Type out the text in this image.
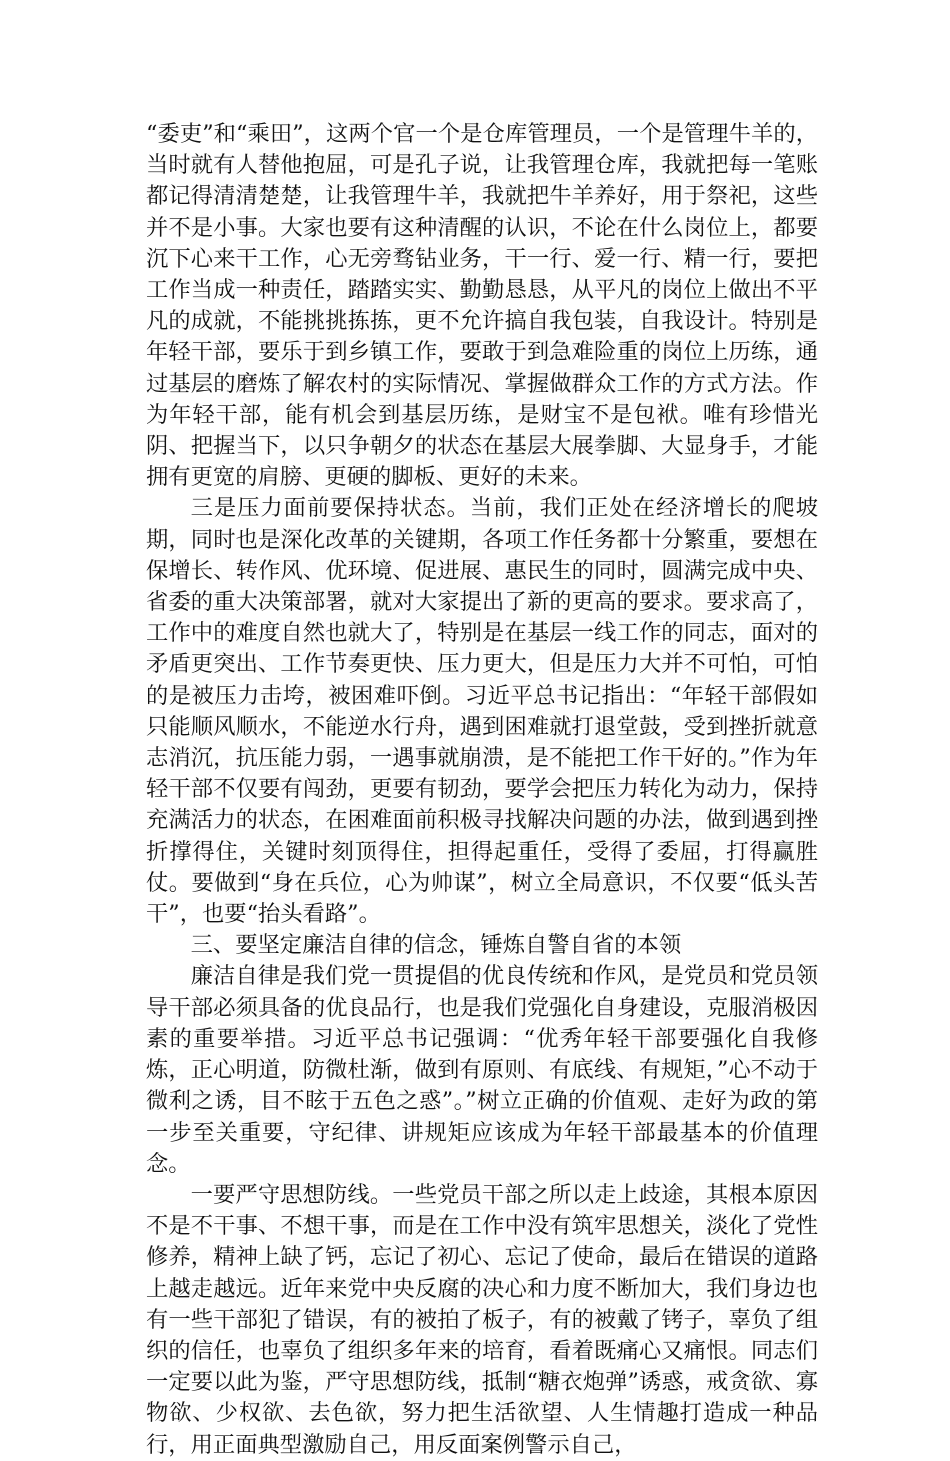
“委吏”和“乘田”，这两个官一个是仓库管理员，一个是管理牛羊的，当时就有人替他抱屈，可是孔子说，让我管理仓库，我就把每一笔账都记得清清楚楚，让我管理牛羊，我就把牛羊养好，用于祭祀，这些并不是小事。大家也要有这种清醒的认识，不论在什么岗位上，都要沉下心来干工作，心无旁骛钻业务，干一行、爱一行、精一行，要把工作当成一种责任，踏踏实实、勤勤恳恳，从平凡的岗位上做出不平凡的成就，不能挑挑拣拣，更不允许搞自我包装，自我设计。特别是年轻干部，要乐于到乡镇工作，要敢于到急难险重的岗位上历练，通过基层的磨炼了解农村的实际情况、掌握做群众工作的方式方法。作为年轻干部，能有机会到基层历练，是财宝不是包袱。唯有珍惜光阴、把握当下，以只争朝夕的状态在基层大展拳脚、大显身手，才能拥有更宽的肩膀、更硬的脚板、更好的未来。

三是压力面前要保持状态。当前，我们正处在经济增长的爬坡期，同时也是深化改革的关键期，各项工作任务都十分繁重，要想在保增长、转作风、优环境、促进展、惠民生的同时，圆满完成中央、省委的重大决策部署，就对大家提出了新的更高的要求。要求高了，工作中的难度自然也就大了，特别是在基层一线工作的同志，面对的矛盾更突出、工作节奏更快、压力更大，但是压力大并不可怕，可怕的是被压力击垮，被困难吓倒。习近平总书记指出：“年轻干部假如只能顺风顺水，不能逆水行舟，遇到困难就打退堂鼓，受到挫折就意志消沉，抗压能力弱，一遇事就崩溃，是不能把工作干好的。”作为年轻干部不仅要有闯劲，更要有韧劲，要学会把压力转化为动力，保持充满活力的状态，在困难面前积极寻找解决问题的办法，做到遇到挫折撑得住，关键时刻顶得住，担得起重任，受得了委屈，打得赢胜仗。要做到“身在兵位，心为帅谋”，树立全局意识，不仅要“低头苦干”，也要“抬头看路”。

三、要坚定廉洁自律的信念，锤炼自警自省的本领

廉洁自律是我们党一贯提倡的优良传统和作风，是党员和党员领导干部必须具备的优良品行，也是我们党强化自身建设，克服消极因素的重要举措。习近平总书记强调：“优秀年轻干部要强化自我修炼，正心明道，防微杜渐，做到有原则、有底线、有规矩，”心不动于微利之诱，目不眩于五色之惑”。”树立正确的价值观、走好为政的第一步至关重要，守纪律、讲规矩应该成为年轻干部最基本的价值理念。

一要严守思想防线。一些党员干部之所以走上歧途，其根本原因不是不干事、不想干事，而是在工作中没有筑牢思想关，淡化了党性修养，精神上缺了钙，忘记了初心、忘记了使命，最后在错误的道路上越走越远。近年来党中央反腐的决心和力度不断加大，我们身边也有一些干部犯了错误，有的被拍了板子，有的被戴了铐子，辜负了组织的信任，也辜负了组织多年来的培育，看着既痛心又痛恨。同志们一定要以此为鉴，严守思想防线，抵制“糖衣炮弹”诱惑，戒贪欲、寡物欲、少权欲、去色欲，努力把生活欲望、人生情趣打造成一种品行，用正面典型激励自己，用反面案例警示自己，
